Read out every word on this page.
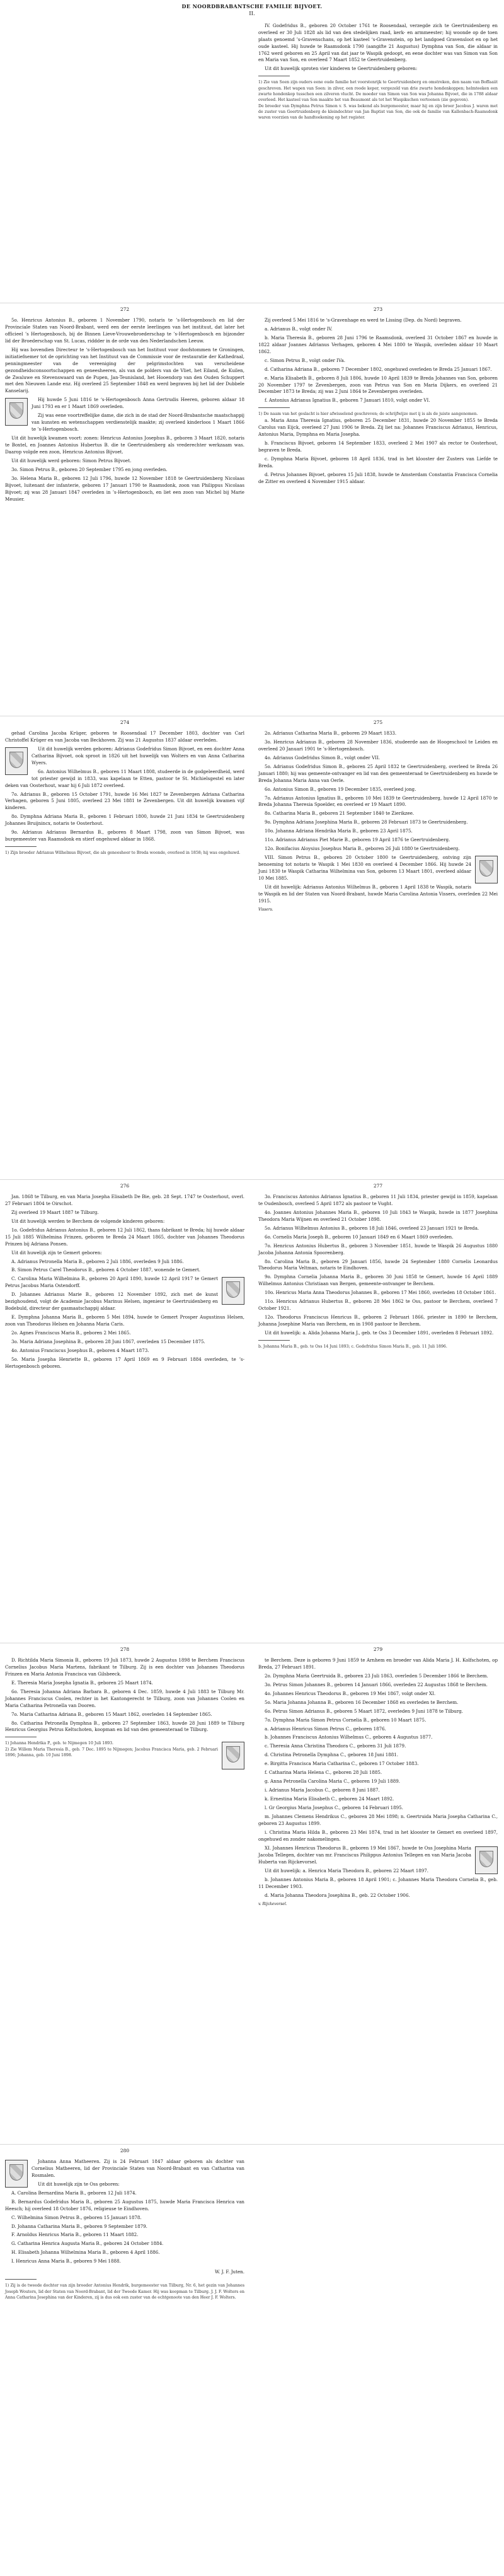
DE NOORDBRABANTSCHE FAMILIE BIJVOET.
II.

IV. Godefridus B., geboren 20 October 1761 te Roosendaal, verzegde zich te Geertruidenberg en overleed er 30 Juli 1828 als lid van den stedelijken raad, kerk- en armmeester; hij woonde op de toen plaats genoemd ’s-Gravenschans, op het kasteel ‘s-Gravenstein, op het landgoed Gravensloot en op het oude kasteel. Hij huwde te Raamsdonk 1790 (aangifte 21 Augustus) Dymphna van Son, die aldaar in 1762 werd geboren en 25 April van dat jaar te Waspik gedoopt, en eene dochter was van Simon van Son en Maria van Son, en overleed 7 Maart 1852 te Geertruidenberg.

Uit dit huwelijk sproten vier kinderen te Geertruidenberg geboren:

1) Zie van Soen zijn ouders eene oude familie het voorstenrijk te Geertruidenberg en omstreken, den naam van Boffaaiit geschreven. Het wapen van Soen: in zilver, een roode keper, vergezeld van drie zwarte hondenkoppen; helmteeken een zwarte hondenkop tusschen een zilveren vlucht. De moeder van Simon van Son was Johanna Bijvoet, die in 1788 aldaar overleed. Het kasteel van Son maakte het van Beaumont als tot het Waspikschen vertoonen (zie gegeven).
De broeder van Dymphna Petrus Simon v. S. was bekend als burgemeester, maar hij en zijn broer Jacobus J. waren met de zuster van Geertruidenberg de kleindochter van Jan Baptist van Son, die ook de familie van Kallenbach-Raamsdonk waren voorzien van de handteekening op het register.
272

5o. Henricus Antonius B., geboren 1 November 1790, notaris te ’s-Hertogenbosch en lid der Provinciale Staten van Noord-Brabant, werd een der eerste leerlingen van het instituut, dat later het officieel ’s Hertogenbosch, bij de Binnen Lieve-Vrouwebroederschap te ’s-Hertogenbosch en bijzonder lid der Broederschap van St. Lucas, riddder in de orde van den Nederlandschen Leeuw.

Hij was bovendien Directeur te ‘s-Hertogenbosch van het Instituut voor doofstommen te Groningen, initiatiefnemer tot de oprichting van het Instituut van de Commissie voor de restauratie der Kathedraal, penningmeester van de vereeniging der pelgrimstochten van verscheidene gezondheidsconsoortschappen en geneesheeren, als van de polders van de Vliet, het Eiland, de Kuilen, de Zwaluwe en Stevenswaard van de Pupen, Jan-Teunisland, het Hooendorp van den Ouden Schuppert met den Nieuwen Lande enz. Hij overleed 25 September 1848 en werd begraven bij het lid der Dubbele Kanselarij.

Hij huwde 5 Juni 1816 te ‘s-Hertogenbosch Anna Gertrudis Heeren, geboren aldaar 18 Juni 1793 en er 1 Maart 1869 overleden.

Zij was eene voortreffelijke dame, die zich in de stad der Noord-Brabantsche maatschappij van kunsten en wetenschappen verdienstelijk maakte; zij overleed kinderloos 1 Maart 1866 te ’s-Hertogenbosch.

Uit dit huwelijk kwamen voort: zonen: Henricus Antonius Josephus B., geboren 3 Maart 1820, notaris te Boxtel, en Joannes Antonius Hubertus B. die te Geertruidenberg als vrederechter werkzaam was. Daarop volgde een zoon, Henricus Antonius Bijvoet.

Uit dit huwelijk werd geboren: Simon Petrus Bijvoet.

3o. Simon Petrus B., geboren 20 September 1795 en jong overleden.

3o. Helena Maria B., geboren 12 Juli 1796, huwde 12 November 1818 te Geertruidenberg Nicolaas Bijvoet, luitenant der infanterie, geboren 17 Januari 1790 te Raamsdonk, zoon van Philippus Nicolaas Bijvoet; zij was 28 Januari 1847 overleden in ’s-Hertogenbosch, en liet een zoon van Michel bij Marie Meusier.

273

Zij overleed 5 Mei 1816 te ‘s-Gravenhage en werd te Lissing (Dep. du Nord) begraven.

a. Adrianus B., volgt onder IV.

b. Maria Theresia B., geboren 28 Juni 1796 te Raamsdonk, overleed 31 October 1867 en huwde in 1822 aldaar Joannes Adrianus Verhagen, geboren 4 Mei 1800 te Waspik, overleden aldaar 10 Maart 1862.

c. Simon Petrus B., volgt onder IVa.

d. Catharina Adriana B., geboren 7 December 1802, ongehuwd overleden te Breda 25 Januari 1867.

e. Maria Elisabeth B., geboren 8 Juli 1806, huwde 10 April 1839 te Breda Johannes van Son, geboren 20 November 1797 te Zevenbergen, zoon van Petrus van Son en Maria Dijkers, en overleed 21 December 1873 te Breda; zij was 2 Juni 1864 te Zevenbergen overleden.

f. Antonius Adrianus Ignatius B., geboren 7 Januari 1810, volgt onder VI.

1) De naam van het geslacht is hier afwisselend geschreven; de schrijfwijze met ij is als de juiste aangenomen.

a. Maria Anna Theresia Ignatius, geboren 25 December 1831, huwde 20 November 1855 te Breda Carolus van Eijck, overleed 27 Juni 1906 te Breda. Zij liet na: Johannes Franciscus Adrianus, Henricus, Antonius Maria, Dymphna en Maria Josepha.

b. Franciscus Bijvoet, geboren 14 September 1833, overleed 2 Mei 1907 als rector te Oosterhout, begraven te Breda.

c. Dymphna Maria Bijvoet, geboren 18 April 1836, trad in het klooster der Zusters van Liefde te Breda.

d. Petrus Johannes Bijvoet, geboren 15 Juli 1838, huwde te Amsterdam Constantia Francisca Cornelia de Zitter en overleed 4 November 1915 aldaar.

274

gehad Carolina Jacoba Krüger, geboren te Roosendaal 17 December 1803, dochter van Carl Christoffel Krüger en van Jacoba van Beckhoven. Zij was 21 Augustus 1837 aldaar overleden.

Uit dit huwelijk werden geboren: Adrianus Godefridus Simon Bijvoet, en een dochter Anna Catharina Bijvoet, ook sproot in 1826 uit het huwelijk van Wolters en van Anna Catharina Wyers.

6o. Antonius Wilhelmus B., geboren 11 Maart 1808, studeerde in de godgeleerdheid, werd tot priester gewijd in 1833, was kapelaan te Etten, pastoor te St. Michielsgestel en later deken van Oosterhout, waar hij 6 Juli 1872 overleed.

7o. Adrianus B., geboren 15 October 1791, huwde 16 Mei 1827 te Zevenbergen Adriana Catharina Verhagen, geboren 5 Juni 1805, overleed 23 Mei 1881 te Zevenbergen. Uit dit huwelijk kwamen vijf kinderen.

8o. Dymphna Adriana Maria B., geboren 1 Februari 1800, huwde 21 Juni 1834 te Geertruidenberg Johannes Bruijnincx, notaris te Oosterhout.

9o. Adrianus Adrianus Bernardus B., geboren 8 Maart 1798, zoon van Simon Bijvoet, was burgemeester van Raamsdonk en stierf ongehuwd aldaar in 1868.

1) Zijn broeder Adrianus Wilhelmus Bijvoet, die als geneesheer te Breda woonde, overleed in 1858; hij was ongehuwd.
275

2o. Adrianus Catharina Maria B., geboren 29 Maart 1833.

3o. Henricus Adrianus B., geboren 28 November 1836, studeerde aan de Hoogeschool te Leiden en overleed 20 Januari 1901 te ’s-Hertogenbosch.

4o. Adrianus Godefridus Simon B., volgt onder VII.

5o. Adrianus Godefridus Simon B., geboren 25 April 1832 te Geertruidenberg, overleed te Breda 26 Januari 1880; hij was gemeente-ontvanger en lid van den gemeenteraad te Geertruidenberg en huwde te Breda Johanna Maria Anna van Oerle.

6o. Antonius Simon B., geboren 19 December 1835, overleed jong.

7o. Adrianus Antonius Ignatius B., geboren 10 Mei 1839 te Geertruidenberg, huwde 12 April 1870 te Breda Johanna Theresia Spoelder, en overleed er 19 Maart 1890.

8o. Catharina Maria B., geboren 21 September 1840 te Zierikzee.

9o. Dymphna Adriana Josephina Maria B., geboren 28 Februari 1873 te Geertruidenberg.

10o. Johanna Adriana Hendrika Maria B., geboren 23 April 1875.

11o. Adrianus Adrianus Piet Marie B., geboren 19 April 1876 te Geertruidenberg.

12o. Bonifacius Aloysius Josephus Maria B., geboren 26 Juli 1880 te Geertruidenberg.

VIII. Simon Petrus B., geboren 20 October 1800 te Geertruidenberg, ontving zijn benoeming tot notaris te Waspik 1 Mei 1830 en overleed 4 December 1866. Hij huwde 24 Juni 1830 te Waspik Catharina Wilhelmina van Son, geboren 13 Maart 1801, overleed aldaar 10 Mei 1885.

Uit dit huwelijk: Adrianus Antonius Wilhelmus B., geboren 1 April 1838 te Waspik, notaris te Waspik en lid der Staten van Noord-Brabant, huwde Maria Carolina Antonia Vissers, overleden 22 Mei 1915.

Vissers.
276

Jan. 1868 te Tilburg, en van Maria Josepha Elisabeth De Bie, geb. 28 Sept. 1747 te Oosterhout, overl. 27 Februari 1804 te Oirschot.

Zij overleed 19 Maart 1887 te Tilburg.

Uit dit huwelijk werden te Berchem de volgende kinderen geboren:

1o. Godefridus Adrianus Antonius B., geboren 12 Juli 1862, thans fabrikant te Breda; hij huwde aldaar 15 Juli 1885 Wilhelmina Frinzen, geboren te Breda 24 Maart 1865, dochter van Johannes Theodorus Prinzen bij Adriana Ponsen.

Uit dit huwelijk zijn te Gemert geboren:

A. Adrianus Petronella Maria B., geboren 2 Juli 1886, overleden 9 Juli 1886.

B. Simon Petrus Carel Theodorus B., geboren 4 October 1887, wonende te Gemert.

C. Carolina Maria Wilhelmina B., geboren 20 April 1890, huwde 12 April 1917 te Gemert Petrus Jacobus Maria Ostendorff.

D. Johannes Adrianus Marie B., geboren 12 November 1892, zich met de kunst bezighoudend, volgt de Academie Jacobus Marinus Helsen, ingenieur te Geertruidenberg en Bodebuld, directeur der gasmaatschappij aldaar.

E. Dymphna Johanna Maria B., geboren 5 Mei 1894, huwde te Gemert Prosper Augustinus Helsen, zoon van Theodorus Helsen en Johanna Maria Caris.

2o. Agnes Franciscus Maria B., geboren 2 Mei 1865.

3o. Maria Adriana Josephina B., geboren 28 Juni 1867, overleden 15 December 1875.

4o. Antonius Franciscus Josephus B., geboren 4 Maart 1873.

5o. Maria Josepha Henriette B., geboren 17 April 1869 en 9 Februari 1884 overleden, te ’s-Hertogenbosch geboren.

277

3o. Franciscus Antonius Adrianus Ignatius B., geboren 11 Juli 1834, priester gewijd in 1859, kapelaan te Oudenbosch, overleed 5 April 1872 als pastoor te Vught.

4o. Joannes Antonius Johannes Maria B., geboren 10 Juli 1843 te Waspik, huwde in 1877 Josephina Theodora Maria Wijnen en overleed 21 October 1898.

5o. Adrianus Wilhelmus Antonius B., geboren 18 Juli 1846, overleed 23 Januari 1921 te Breda.

6o. Cornelis Maria Joseph B., geboren 10 Januari 1849 en 6 Maart 1869 overleden.

7o. Henricus Antonius Hubertus B., geboren 3 November 1851, huwde te Waspik 26 Augustus 1880 Jacoba Johanna Antonia Spoorenberg.

8o. Carolina Maria B., geboren 29 Januari 1856, huwde 24 September 1880 Cornelis Leonardus Theodorus Maria Veltman, notaris te Eindhoven.

9o. Dymphna Cornelia Johanna Maria B., geboren 30 Juni 1858 te Gemert, huwde 16 April 1889 Wilhelmus Antonius Christiaan van Bergen, gemeente-ontvanger te Berchem.

10o. Henricus Maria Anna Theodorus Johannes B., geboren 17 Mei 1860, overleden 18 October 1861.

11o. Henricus Adrianus Hubertus B., geboren 28 Mei 1862 te Oss, pastoor te Berchem, overleed 7 October 1921.

12o. Theodorus Franciscus Henricus B., geboren 2 Februari 1866, priester in 1890 te Berchem, Johanna Josephine Maria van Berchem, en in 1908 pastoor te Berchem.

Uit dit huwelijk: a. Alida Johanna Maria J., geb. te Oss 3 December 1891, overleden 8 Februari 1892.

b. Johanna Maria B., geb. te Oss 14 Juni 1893; c. Godefridus Simon Maria B., geb. 11 Juli 1896.
278

D. Richtilda Maria Simonia B., geboren 19 Juli 1873, huwde 2 Augustus 1898 te Berchem Franciscus Cornelius Jacobus Maria Martens, fabrikant te Tilburg. Zij is een dochter van Johannes Theodorus Frinzen en Maria Antonia Francisca van Gilsbeeck.

E. Theresia Maria Josepha Ignatia B., geboren 25 Maart 1874.

6o. Theresia Johanna Adriana Barbara B., geboren 4 Dec. 1859, huwde 4 Juli 1883 te Tilburg Mr. Johannes Franciscus Coolen, rechter in het Kantongerecht te Tilburg, zoon van Johannes Coolen en Maria Catharina Petronella van Dooren.

7o. Maria Catharina Adriana B., geboren 15 Maart 1862, overleden 14 September 1865.

8o. Catharina Petronella Dymphna B., geboren 27 September 1863, huwde 28 Juni 1889 te Tilburg Henricus Georgius Petrus Keltschoten, koopman en lid van den gemeenteraad te Tilburg.

1) Johanna Hendrika P., geb. te Nijmegen 10 Juli 1893.
2) Zie Willem Maria Theresia B., geb. 7 Dec. 1895 te Nijmegen; Jacobus Francisca Maria, geb. 2 Februari 1896; Johanna, geb. 10 Juni 1898.
279

te Berchem. Deze is geboren 9 Juni 1859 te Arnhem en broeder van Alida Maria J. H. Kolfschoten, op Breda, 27 Februari 1891.

2o. Dymphna Maria Geertruida B., geboren 23 Juli 1863, overleden 5 December 1866 te Berchem.

3o. Petrus Simon Johannes B., geboren 14 Januari 1866, overleden 22 Augustus 1868 te Berchem.

4o. Johannes Henricus Theodorus B., geboren 19 Mei 1867, volgt onder XI.

5o. Maria Johanna Johanna B., geboren 16 December 1868 en overleden te Berchem.

6o. Petrus Simon Adrianus B., geboren 5 Maart 1872, overleden 9 Juni 1878 te Tilburg.

7o. Dymphna Maria Simon Petrus Cornelia B., geboren 10 Maart 1875.

a. Adrianus Henricus Simon Petrus C., geboren 1876.

b. Johannes Franciscus Antonius Wilhelmus C., geboren 4 Augustus 1877.

c. Theresia Anna Christina Theodora C., geboren 31 Juli 1879.

d. Christina Petronella Dymphna C., geboren 18 Juni 1881.

e. Birgitta Francisca Maria Catharina C., geboren 17 October 1883.

f. Catharina Maria Helena C., geboren 28 Juli 1885.

g. Anna Petronella Carolina Maria C., geboren 19 Juli 1889.

i. Adrianus Maria Jacobus C., geboren 8 Juni 1887.

k. Ernestina Maria Elisabeth C., geboren 24 Maart 1892.

l. Gr Georgius Maria Josephus C., geboren 14 Februari 1895.

m. Johannes Clemens Hendrikus C., geboren 28 Mei 1898; n. Geertruida Maria Josepha Catharina C., geboren 23 Augustus 1899.

i. Christina Maria Hilda B., geboren 23 Mei 1874, trad in het klooster te Gemert en overleed 1897, ongehuwd en zonder nakomelingen.

XI. Johannes Henricus Theodorus B., geboren 19 Mei 1867, huwde te Oss Josephina Maria Jacoba Tellegen, dochter van mr. Franciscus Philippus Antonius Tellegen en van Maria Jacoba Huberta van Rijckevorsel.

Uit dit huwelijk: a. Henrica Maria Theodora B., geboren 22 Maart 1897.

b. Johannes Antonius Maria B., geboren 18 April 1901; c. Johannes Maria Theodora Cornelia B., geb. 11 December 1903.

d. Maria Johanna Theodora Josephina B., geb. 22 October 1906.

v. Rijckevorsel.
280

Johanna Anna Matheeren. Zij is 24 Februari 1847 aldaar geboren als dochter van Cornelius Matheeren, lid der Provinciale Staten van Noord-Brabant en van Catharina van Rosmalen.

Uit dit huwelijk zijn te Oss geboren:

A. Carolina Bernardina Maria B., geboren 12 Juli 1874.

B. Bernardus Godefridus Maria B., geboren 25 Augustus 1875, huwde Maria Francisca Henrica van Heesch; hij overleed 18 October 1876, religieuse te Eindhoven.

C. Wilhelmina Simon Petrus B., geboren 15 Januari 1878.

D. Johanna Catharina Maria B., geboren 9 September 1879.

F. Arnoldus Henricus Maria B., geboren 11 Maart 1882.

G. Catharina Henrica Augusta Maria B., geboren 24 October 1884.

H. Elisabeth Johanna Wilhelmina Maria B., geboren 4 April 1886.

I. Henricus Anna Maria B., geboren 9 Mei 1888.

W. J. F. Juten.
1) Zij is de tweede dochter van zijn broeder Antonius Hendrik, burgemeester van Tilburg, Nr. 6, het gezin van Johannes Joseph Wouters, lid der Staten van Noord-Brabant, lid der Tweede Kamer. Hij was koopman te Tilburg. J. J. F. Wolters en Anna Catharina Josephina van der Kinderen, zij is dus ook een zuster van de echtgenoote van den Heer J. F. Wolters.
